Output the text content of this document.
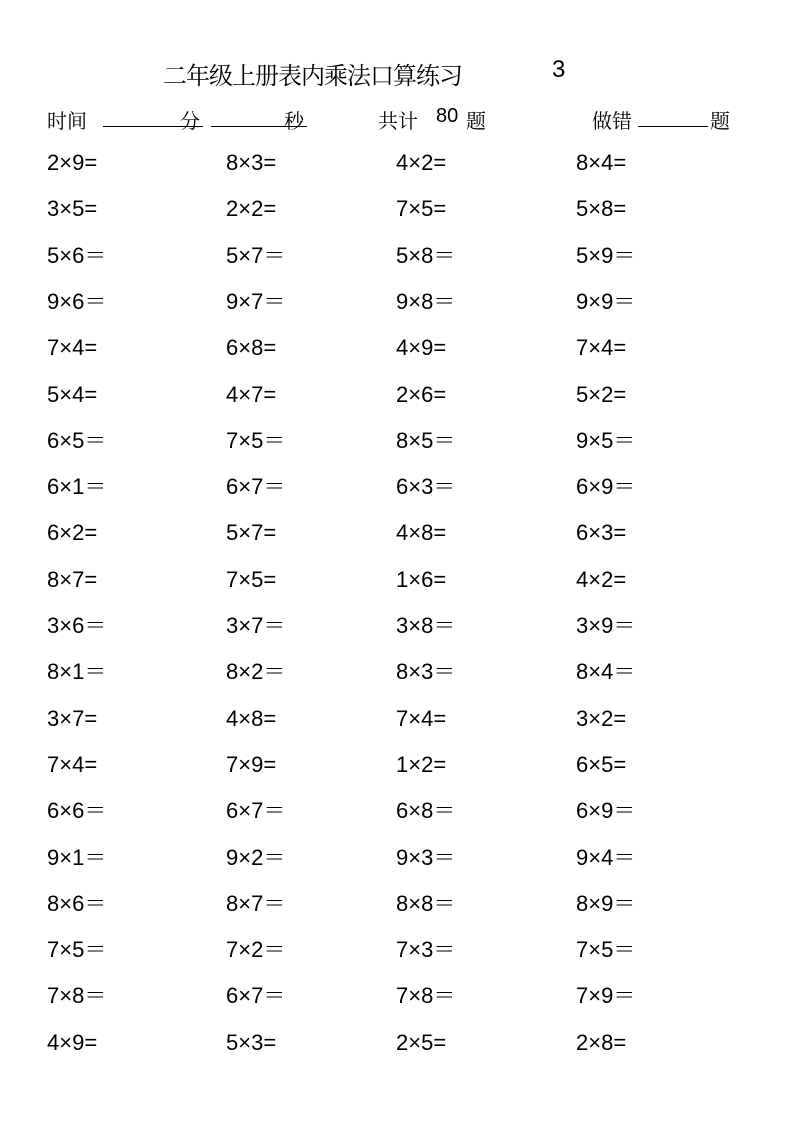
二年级上册表内乘法口算练习	3
时间	分	秒	共计 80 题	做错	题
2×9=	8×3=	4×2=	8×4=
3×5=	2×2=	7×5=	5×8=
5×6＝	5×7＝	5×8＝	5×9＝
9×6＝	9×7＝	9×8＝	9×9＝
7×4=	6×8=	4×9=	7×4=
5×4=	4×7=	2×6=	5×2=
6×5＝	7×5＝	8×5＝	9×5＝
6×1＝	6×7＝	6×3＝	6×9＝
6×2=	5×7=	4×8=	6×3=
8×7=	7×5=	1×6=	4×2=
3×6＝	3×7＝	3×8＝	3×9＝
8×1＝	8×2＝	8×3＝	8×4＝
3×7=	4×8=	7×4=	3×2=
7×4=	7×9=	1×2=	6×5=
6×6＝	6×7＝	6×8＝	6×9＝
9×1＝	9×2＝	9×3＝	9×4＝
8×6＝	8×7＝	8×8＝	8×9＝
7×5＝	7×2＝	7×3＝	7×5＝
7×8＝	6×7＝	7×8＝	7×9＝
4×9=	5×3=	2×5=	2×8=
